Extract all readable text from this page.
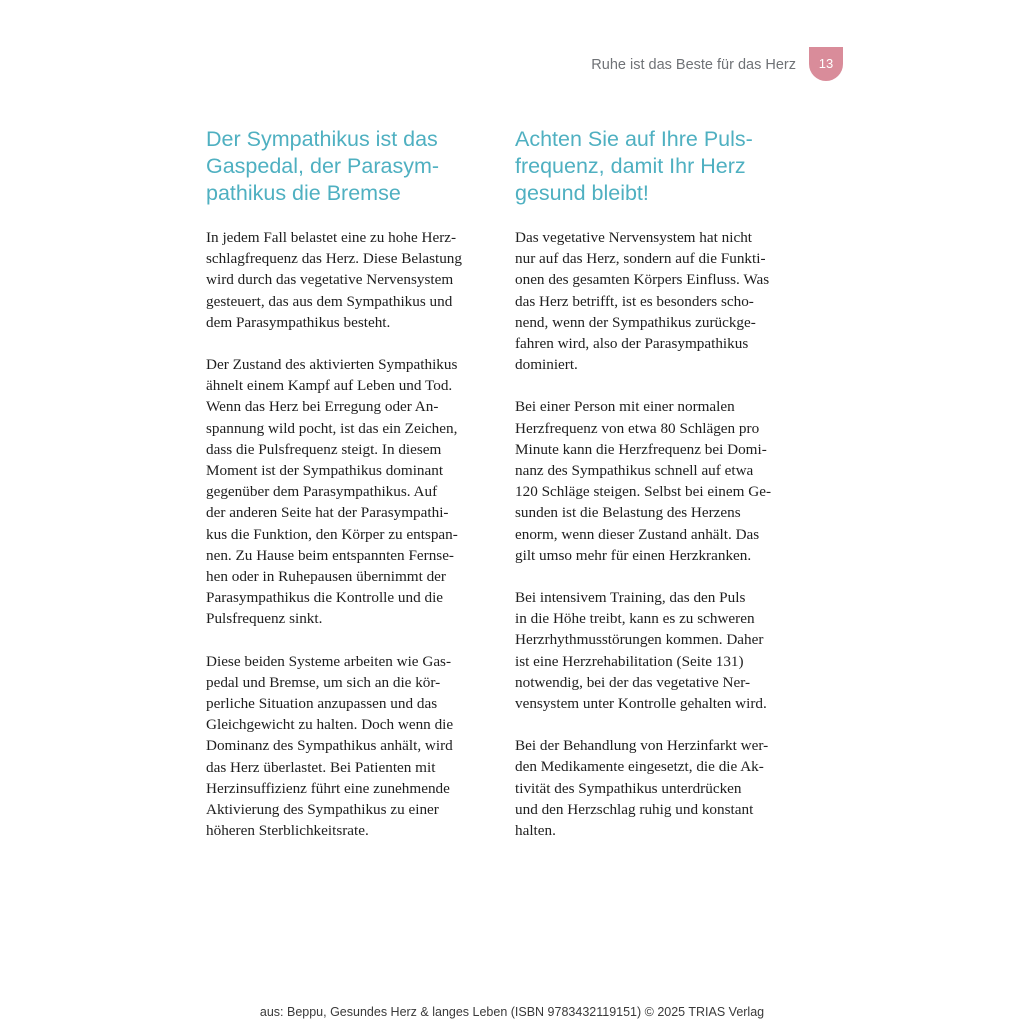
Ruhe ist das Beste für das Herz	13
Der Sympathikus ist das
Gaspedal, der Parasym-
pathikus die Bremse

In jedem Fall belastet eine zu hohe Herz-
schlagfrequenz das Herz. Diese Belastung
wird durch das vegetative Nervensystem
gesteuert, das aus dem Sympathikus und
dem Parasympathikus besteht.

Der Zustand des aktivierten Sympathikus
ähnelt einem Kampf auf Leben und Tod.
Wenn das Herz bei Erregung oder An-
spannung wild pocht, ist das ein Zeichen,
dass die Pulsfrequenz steigt. In diesem
Moment ist der Sympathikus dominant
gegenüber dem Parasympathikus. Auf
der anderen Seite hat der Parasympathi-
kus die Funktion, den Körper zu entspan-
nen. Zu Hause beim entspannten Fernse-
hen oder in Ruhepausen übernimmt der
Parasympathikus die Kontrolle und die
Pulsfrequenz sinkt.

Diese beiden Systeme arbeiten wie Gas-
pedal und Bremse, um sich an die kör-
perliche Situation anzupassen und das
Gleichgewicht zu halten. Doch wenn die
Dominanz des Sympathikus anhält, wird
das Herz überlastet. Bei Patienten mit
Herzinsuffizienz führt eine zunehmende
Aktivierung des Sympathikus zu einer
höheren Sterblichkeitsrate.

Achten Sie auf Ihre Puls-
frequenz, damit Ihr Herz
gesund bleibt!

Das vegetative Nervensystem hat nicht
nur auf das Herz, sondern auf die Funkti-
onen des gesamten Körpers Einfluss. Was
das Herz betrifft, ist es besonders scho-
nend, wenn der Sympathikus zurückge-
fahren wird, also der Parasympathikus
dominiert.

Bei einer Person mit einer normalen
Herzfrequenz von etwa 80 Schlägen pro
Minute kann die Herzfrequenz bei Domi-
nanz des Sympathikus schnell auf etwa
120 Schläge steigen. Selbst bei einem Ge-
sunden ist die Belastung des Herzens
enorm, wenn dieser Zustand anhält. Das
gilt umso mehr für einen Herzkranken.

Bei intensivem Training, das den Puls
in die Höhe treibt, kann es zu schweren
Herzrhythmusstörungen kommen. Daher
ist eine Herzrehabilitation (Seite 131)
notwendig, bei der das vegetative Ner-
vensystem unter Kontrolle gehalten wird.

Bei der Behandlung von Herzinfarkt wer-
den Medikamente eingesetzt, die die Ak-
tivität des Sympathikus unterdrücken
und den Herzschlag ruhig und konstant
halten.

aus: Beppu, Gesundes Herz & langes Leben (ISBN 9783432119151) © 2025 TRIAS Verlag
